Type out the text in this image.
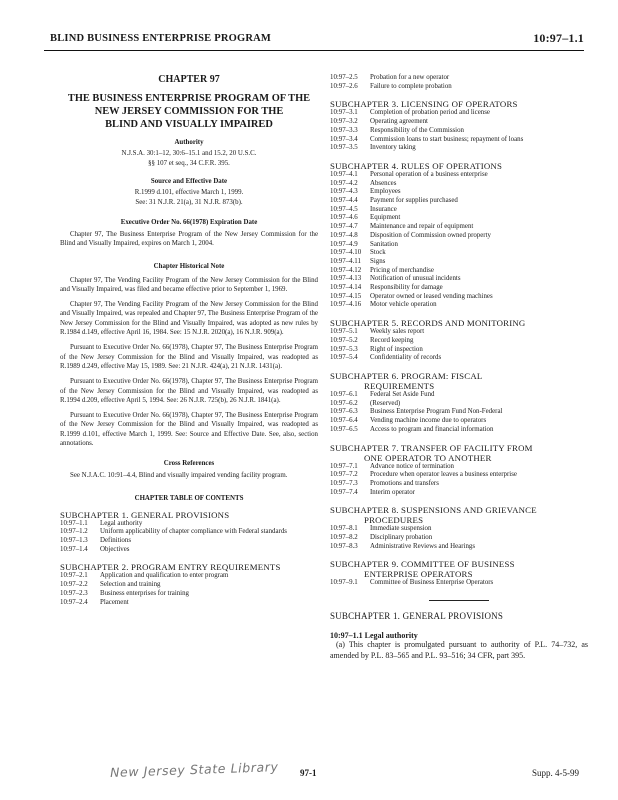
BLIND BUSINESS ENTERPRISE PROGRAM	10:97–1.1
CHAPTER 97
THE BUSINESS ENTERPRISE PROGRAM OF THE
NEW JERSEY COMMISSION FOR THE
BLIND AND VISUALLY IMPAIRED
Authority
N.J.S.A. 30:1–12, 30:6–15.1 and 15.2, 20 U.S.C.
§§ 107 et seq., 34 C.F.R. 395.
Source and Effective Date
R.1999 d.101, effective March 1, 1999.
See: 31 N.J.R. 21(a), 31 N.J.R. 873(b).
Executive Order No. 66(1978) Expiration Date
Chapter 97, The Business Enterprise Program of the New Jersey Commission for the Blind and Visually Impaired, expires on March 1, 2004.
Chapter Historical Note
Chapter 97, The Vending Facility Program of the New Jersey Commission for the Blind and Visually Impaired, was filed and became effective prior to September 1, 1969.
Chapter 97, The Vending Facility Program of the New Jersey Commission for the Blind and Visually Impaired, was repealed and Chapter 97, The Business Enterprise Program of the New Jersey Commission for the Blind and Visually Impaired, was adopted as new rules by R.1984 d.149, effective April 16, 1984. See: 15 N.J.R. 2020(a), 16 N.J.R. 909(a).
Pursuant to Executive Order No. 66(1978), Chapter 97, The Business Enterprise Program of the New Jersey Commission for the Blind and Visually Impaired, was readopted as R.1989 d.249, effective May 15, 1989. See: 21 N.J.R. 424(a), 21 N.J.R. 1431(a).
Pursuant to Executive Order No. 66(1978), Chapter 97, The Business Enterprise Program of the New Jersey Commission for the Blind and Visually Impaired, was readopted as R.1994 d.209, effective April 5, 1994. See: 26 N.J.R. 725(b), 26 N.J.R. 1841(a).
Pursuant to Executive Order No. 66(1978), Chapter 97, The Business Enterprise Program of the New Jersey Commission for the Blind and Visually Impaired, was readopted as R.1999 d.101, effective March 1, 1999. See: Source and Effective Date. See, also, section annotations.
Cross References
See N.J.A.C. 10:91–4.4, Blind and visually impaired vending facility program.
CHAPTER TABLE OF CONTENTS
SUBCHAPTER 1. GENERAL PROVISIONS
10:97–1.1	Legal authority
10:97–1.2	Uniform applicability of chapter compliance with Federal standards
10:97–1.3	Definitions
10:97–1.4	Objectives
SUBCHAPTER 2. PROGRAM ENTRY REQUIREMENTS
10:97–2.1	Application and qualification to enter program
10:97–2.2	Selection and training
10:97–2.3	Business enterprises for training
10:97–2.4	Placement
10:97–2.5	Probation for a new operator
10:97–2.6	Failure to complete probation
SUBCHAPTER 3. LICENSING OF OPERATORS
10:97–3.1	Completion of probation period and license
10:97–3.2	Operating agreement
10:97–3.3	Responsibility of the Commission
10:97–3.4	Commission loans to start business; repayment of loans
10:97–3.5	Inventory taking
SUBCHAPTER 4. RULES OF OPERATIONS
10:97–4.1	Personal operation of a business enterprise
10:97–4.2	Absences
10:97–4.3	Employees
10:97–4.4	Payment for supplies purchased
10:97–4.5	Insurance
10:97–4.6	Equipment
10:97–4.7	Maintenance and repair of equipment
10:97–4.8	Disposition of Commission owned property
10:97–4.9	Sanitation
10:97–4.10	Stock
10:97–4.11	Signs
10:97–4.12	Pricing of merchandise
10:97–4.13	Notification of unusual incidents
10:97–4.14	Responsibility for damage
10:97–4.15	Operator owned or leased vending machines
10:97–4.16	Motor vehicle operation
SUBCHAPTER 5. RECORDS AND MONITORING
10:97–5.1	Weekly sales report
10:97–5.2	Record keeping
10:97–5.3	Right of inspection
10:97–5.4	Confidentiality of records
SUBCHAPTER 6. PROGRAM: FISCAL
REQUIREMENTS
10:97–6.1	Federal Set Aside Fund
10:97–6.2	(Reserved)
10:97–6.3	Business Enterprise Program Fund Non-Federal
10:97–6.4	Vending machine income due to operators
10:97–6.5	Access to program and financial information
SUBCHAPTER 7. TRANSFER OF FACILITY FROM
ONE OPERATOR TO ANOTHER
10:97–7.1	Advance notice of termination
10:97–7.2	Procedure when operator leaves a business enterprise
10:97–7.3	Promotions and transfers
10:97–7.4	Interim operator
SUBCHAPTER 8. SUSPENSIONS AND GRIEVANCE
PROCEDURES
10:97–8.1	Immediate suspension
10:97–8.2	Disciplinary probation
10:97–8.3	Administrative Reviews and Hearings
SUBCHAPTER 9. COMMITTEE OF BUSINESS
ENTERPRISE OPERATORS
10:97–9.1	Committee of Business Enterprise Operators
SUBCHAPTER 1. GENERAL PROVISIONS
10:97–1.1 Legal authority
(a) This chapter is promulgated pursuant to authority of P.L. 74–732, as amended by P.L. 83–565 and P.L. 93–516; 34 CFR, part 395.
New Jersey State Library 97-1	Supp. 4-5-99
